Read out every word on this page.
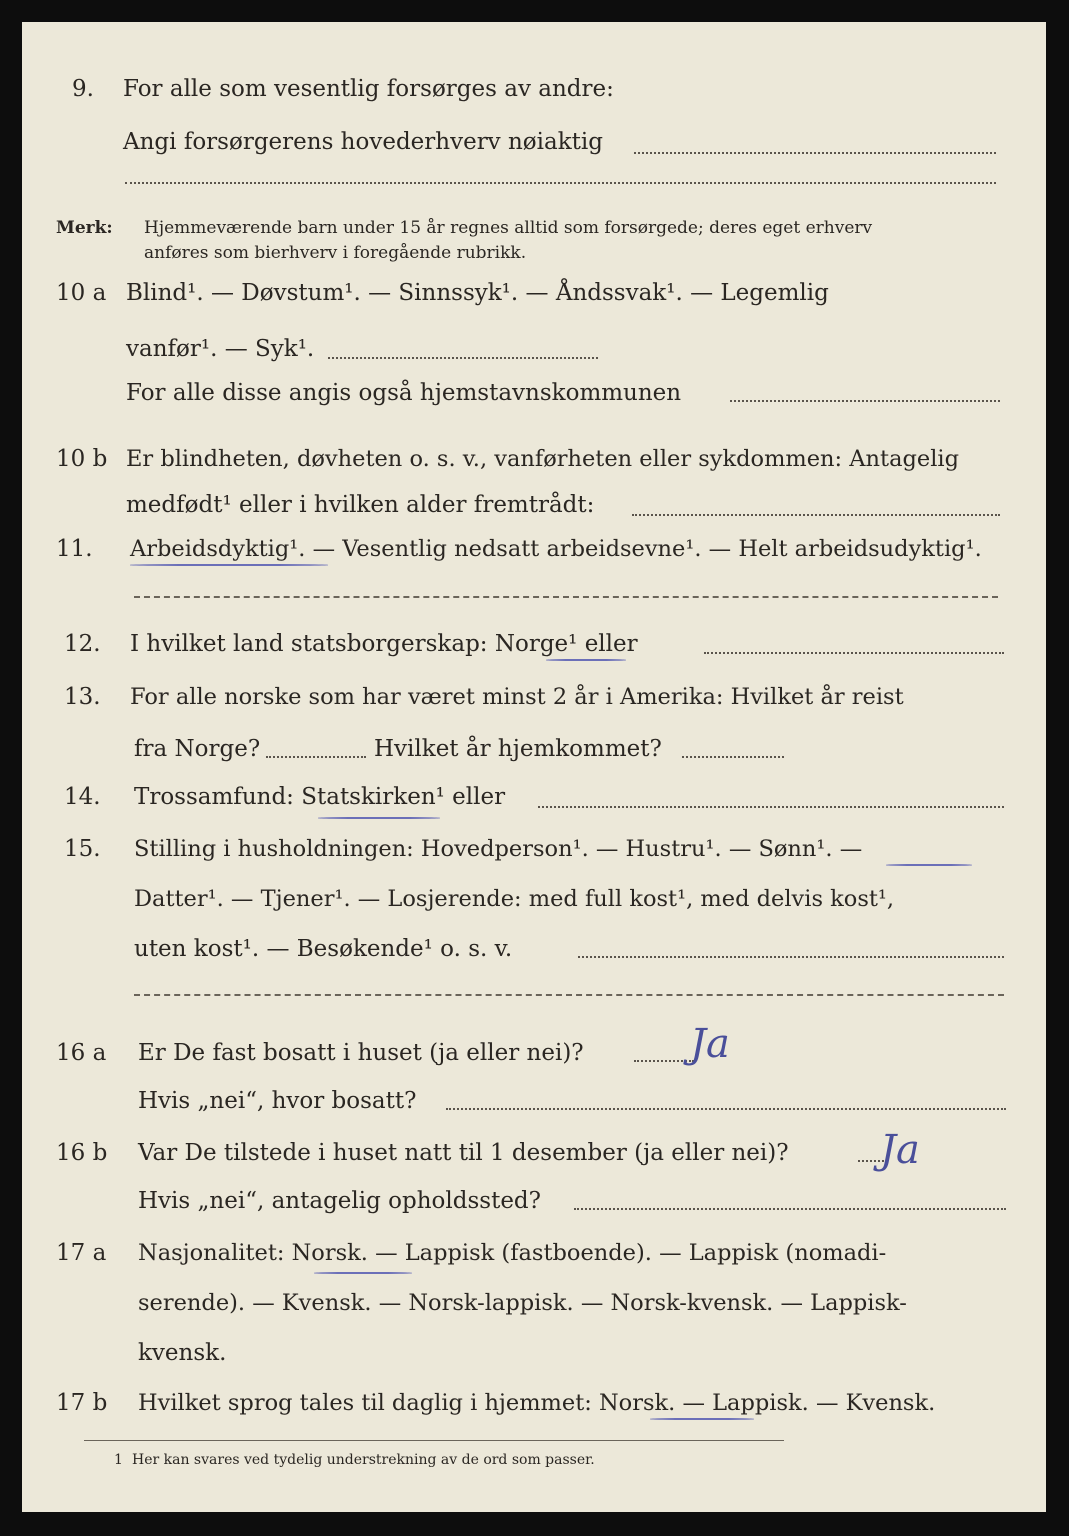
9. For alle som vesentlig forsørges av andre:
Angi forsørgerens hovederhverv nøiaktig
Merk: Hjemmeværende barn under 15 år regnes alltid som forsørgede; deres eget erhverv
anføres som bierhverv i foregående rubrikk.
10 a Blind¹. — Døvstum¹. — Sinnssyk¹. — Åndssvak¹. — Legemlig
vanfør¹. — Syk¹.
For alle disse angis også hjemstavnskommunen
10 b Er blindheten, døvheten o. s. v., vanførheten eller sykdommen: Antagelig
medfødt¹ eller i hvilken alder fremtrådt:
11. Arbeidsdyktig¹. — Vesentlig nedsatt arbeidsevne¹. — Helt arbeidsudyktig¹.
12. I hvilket land statsborgerskap: Norge¹ eller
13. For alle norske som har været minst 2 år i Amerika: Hvilket år reist
fra Norge?	Hvilket år hjemkommet?
14. Trossamfund: Statskirken¹ eller
15. Stilling i husholdningen: Hovedperson¹. — Hustru¹. — Sønn¹. —
Datter¹. — Tjener¹. — Losjerende: med full kost¹, med delvis kost¹,
uten kost¹. — Besøkende¹ o. s. v.
16 a Er De fast bosatt i huset (ja eller nei)?	Ja
Hvis „nei“, hvor bosatt?
16 b Var De tilstede i huset natt til 1 desember (ja eller nei)? Ja
Hvis „nei“, antagelig opholdssted?
17 a Nasjonalitet: Norsk. — Lappisk (fastboende). — Lappisk (nomadi-
serende). — Kvensk. — Norsk-lappisk. — Norsk-kvensk. — Lappisk-
kvensk.
17 b Hvilket sprog tales til daglig i hjemmet: Norsk. — Lappisk. — Kvensk.
1 Her kan svares ved tydelig understrekning av de ord som passer.
